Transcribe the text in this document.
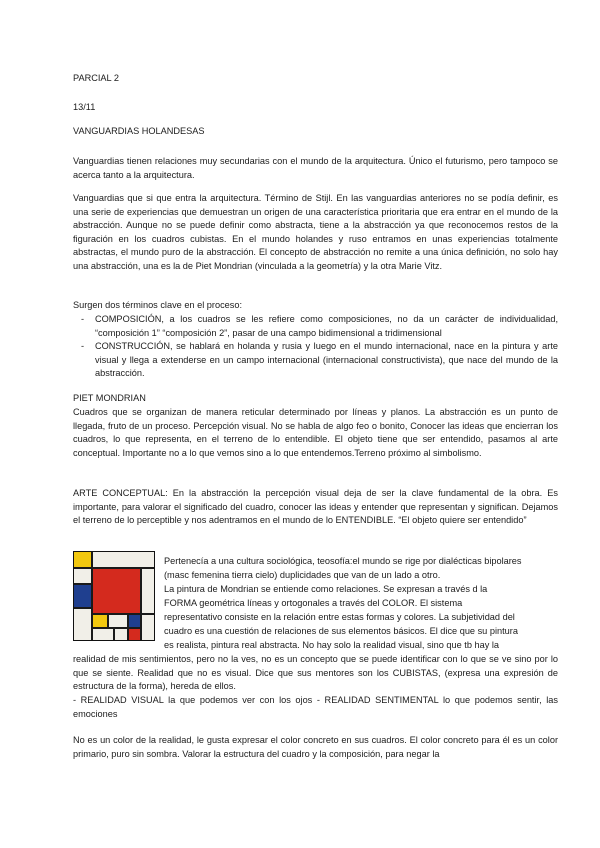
PARCIAL 2
13/11
VANGUARDIAS HOLANDESAS
Vanguardias tienen relaciones muy secundarias con el mundo de la arquitectura. Único el futurismo, pero tampoco se acerca tanto a la arquitectura.
Vanguardias que si que entra la arquitectura. Término de Stijl. En las vanguardias anteriores no se podía definir, es una serie de experiencias que demuestran un origen de una característica prioritaria que era entrar en el mundo de la abstracción. Aunque no se puede definir como abstracta, tiene a la abstracción ya que reconocemos restos de la figuración en los cuadros cubistas. En el mundo holandes y ruso entramos en unas experiencias totalmente abstractas, el mundo puro de la abstracción. El concepto de abstracción no remite a una única definición, no solo hay una abstracción, una es la de Piet Mondrian (vinculada a la geometría) y la otra Marie Vitz.
Surgen dos términos clave en el proceso:
- COMPOSICIÓN, a los cuadros se les refiere como composiciones, no da un carácter de individualidad, “composición 1” “composición 2”, pasar de una campo bidimensional a tridimensional
- CONSTRUCCIÓN, se hablará en holanda y rusia y luego en el mundo internacional, nace en la pintura y arte visual y llega a extenderse en un campo internacional (internacional constructivista), que nace del mundo de la abstracción.
PIET MONDRIAN
Cuadros que se organizan de manera reticular determinado por líneas y planos. La abstracción es un punto de llegada, fruto de un proceso. Percepción visual. No se habla de algo feo o bonito, Conocer las ideas que encierran los cuadros, lo que representa, en el terreno de lo entendible. El objeto tiene que ser entendido, pasamos al arte conceptual. Importante no a lo que vemos sino a lo que entendemos.Terreno próximo al simbolismo.
ARTE CONCEPTUAL: En la abstracción la percepción visual deja de ser la clave fundamental de la obra. Es importante, para valorar el significado del cuadro, conocer las ideas y entender que representan y significan. Dejamos el terreno de lo perceptible y nos adentramos en el mundo de lo ENTENDIBLE. “El objeto quiere ser entendido”
Pertenecía a una cultura sociológica, teosofía:el mundo se rige por dialécticas bipolares
(masc femenina tierra cielo) duplicidades que van de un lado a otro.
La pintura de Mondrian se entiende como relaciones. Se expresan a través d la
FORMA geométrica líneas y ortogonales a través del COLOR. El sistema
representativo consiste en la relación entre estas formas y colores. La subjetividad del
cuadro es una cuestión de relaciones de sus elementos básicos. El dice que su pintura
es realista, pintura real abstracta. No hay solo la realidad visual, sino que tb hay la
realidad de mis sentimientos, pero no la ves, no es un concepto que se puede identificar con lo que se ve sino por lo que se siente. Realidad que no es visual. Dice que sus mentores son los CUBISTAS, (expresa una expresión de estructura de la forma), hereda de ellos.
- REALIDAD VISUAL la que podemos ver con los ojos - REALIDAD SENTIMENTAL lo que podemos sentir, las emociones
No es un color de la realidad, le gusta expresar el color concreto en sus cuadros. El color concreto para él es un color primario, puro sin sombra. Valorar la estructura del cuadro y la composición, para negar la
